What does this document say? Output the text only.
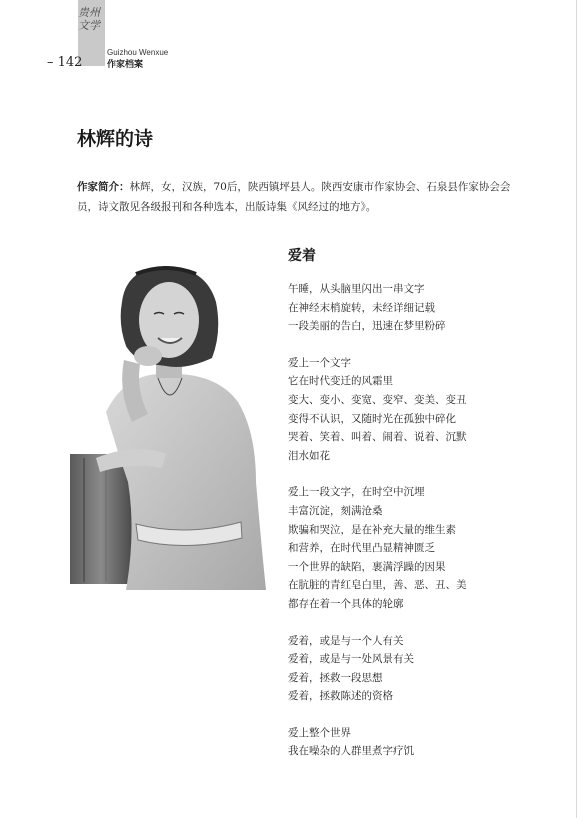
贵州文学
– 142
Guizhou Wenxue
作家档案
林辉的诗
作家简介：林辉，女，汉族，70后，陕西镇坪县人。陕西安康市作家协会、石泉县作家协会会员，诗文散见各级报刊和各种选本，出版诗集《风经过的地方》。
爱着
午睡，从头脑里闪出一串文字
在神经末梢旋转，未经详细记载
一段美丽的告白，迅速在梦里粉碎
爱上一个文字
它在时代变迁的风霜里
变大、变小、变宽、变窄、变美、变丑
变得不认识，又随时光在孤独中碎化
哭着、笑着、叫着、闹着、说着、沉默
泪水如花
爱上一段文字，在时空中沉埋
丰富沉淀，刻满沧桑
欺骗和哭泣，是在补充大量的维生素
和营养，在时代里凸显精神匮乏
一个世界的缺陷，裹满浮躁的因果
在肮脏的青红皂白里，善、恶、丑、美
都存在着一个具体的轮廓
爱着，或是与一个人有关
爱着，或是与一处风景有关
爱着，拯救一段思想
爱着，拯救陈述的资格
爱上整个世界
我在噪杂的人群里煮字疗饥
